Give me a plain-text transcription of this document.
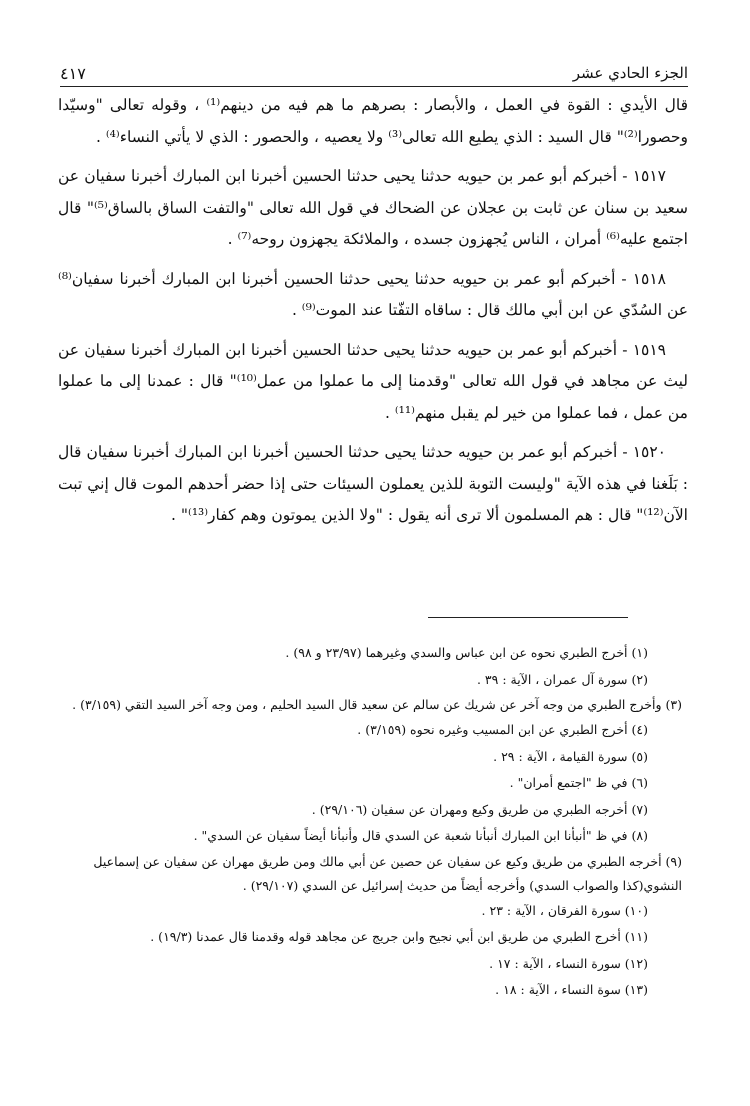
الجزء الحادي عشر
٤١٧

قال الأيدي : القوة في العمل ، والأبصار : بصرهم ما هم فيه من دينهم⁽¹⁾ ، وقوله تعالى "وسيّدا وحصورا⁽²⁾" قال السيد : الذي يطيع الله تعالى⁽³⁾ ولا يعصيه ، والحصور : الذي لا يأتي النساء⁽⁴⁾ .

١٥١٧ - أخبركم أبو عمر بن حيويه حدثنا يحيى حدثنا الحسين أخبرنا ابن المبارك أخبرنا سفيان عن سعيد بن سنان عن ثابت بن عجلان عن الضحاك في قول الله تعالى "والتفت الساق بالساق⁽⁵⁾" قال اجتمع عليه⁽⁶⁾ أمران ، الناس يُجهزون جسده ، والملائكة يجهزون روحه⁽⁷⁾ .

١٥١٨ - أخبركم أبو عمر بن حيويه حدثنا يحيى حدثنا الحسين أخبرنا ابن المبارك أخبرنا سفيان⁽⁸⁾ عن السُدّي عن ابن أبي مالك قال : ساقاه التفّتا عند الموت⁽⁹⁾ .

١٥١٩ - أخبركم أبو عمر بن حيويه حدثنا يحيى حدثنا الحسين أخبرنا ابن المبارك أخبرنا سفيان عن ليث عن مجاهد في قول الله تعالى "وقدمنا إلى ما عملوا من عمل⁽¹⁰⁾" قال : عمدنا إلى ما عملوا من عمل ، فما عملوا من خير لم يقبل منهم⁽¹¹⁾ .

١٥٢٠ - أخبركم أبو عمر بن حيويه حدثنا يحيى حدثنا الحسين أخبرنا ابن المبارك أخبرنا سفيان قال : بَلَغنا في هذه الآية "وليست التوبة للذين يعملون السيئات حتى إذا حضر أحدهم الموت قال إني تبت الآن⁽¹²⁾" قال : هم المسلمون ألا ترى أنه يقول : "ولا الذين يموتون وهم كفار⁽¹³⁾" .

(١) أخرج الطبري نحوه عن ابن عباس والسدي وغيرهما (٢٣/٩٧ و ٩٨) .
(٢) سورة آل عمران ، الآية : ٣٩ .
(٣) وأخرج الطبري من وجه آخر عن شريك عن سالم عن سعيد قال السيد الحليم ، ومن وجه آخر السيد التقي (٣/١٥٩) .
(٤) أخرج الطبري عن ابن المسيب وغيره نحوه (٣/١٥٩) .
(٥) سورة القيامة ، الآية : ٢٩ .
(٦) في ظ "اجتمع أمران" .
(٧) أخرجه الطبري من طريق وكيع ومهران عن سفيان (٢٩/١٠٦) .
(٨) في ظ "أنبأنا ابن المبارك أنبأنا شعبة عن السدي قال وأنبأنا أيضاً سفيان عن السدي" .
(٩) أخرجه الطبري من طريق وكيع عن سفيان عن حصين عن أبي مالك ومن طريق مهران عن سفيان عن إسماعيل النشوي(كذا والصواب السدي) وأخرجه أيضاً من حديث إسرائيل عن السدي (٢٩/١٠٧) .
(١٠) سورة الفرقان ، الآية : ٢٣ .
(١١) أخرج الطبري من طريق ابن أبي نجيح وابن جريج عن مجاهد قوله وقدمنا قال عمدنا (١٩/٣) .
(١٢) سورة النساء ، الآية : ١٧ .
(١٣) سوة النساء ، الآية : ١٨ .
